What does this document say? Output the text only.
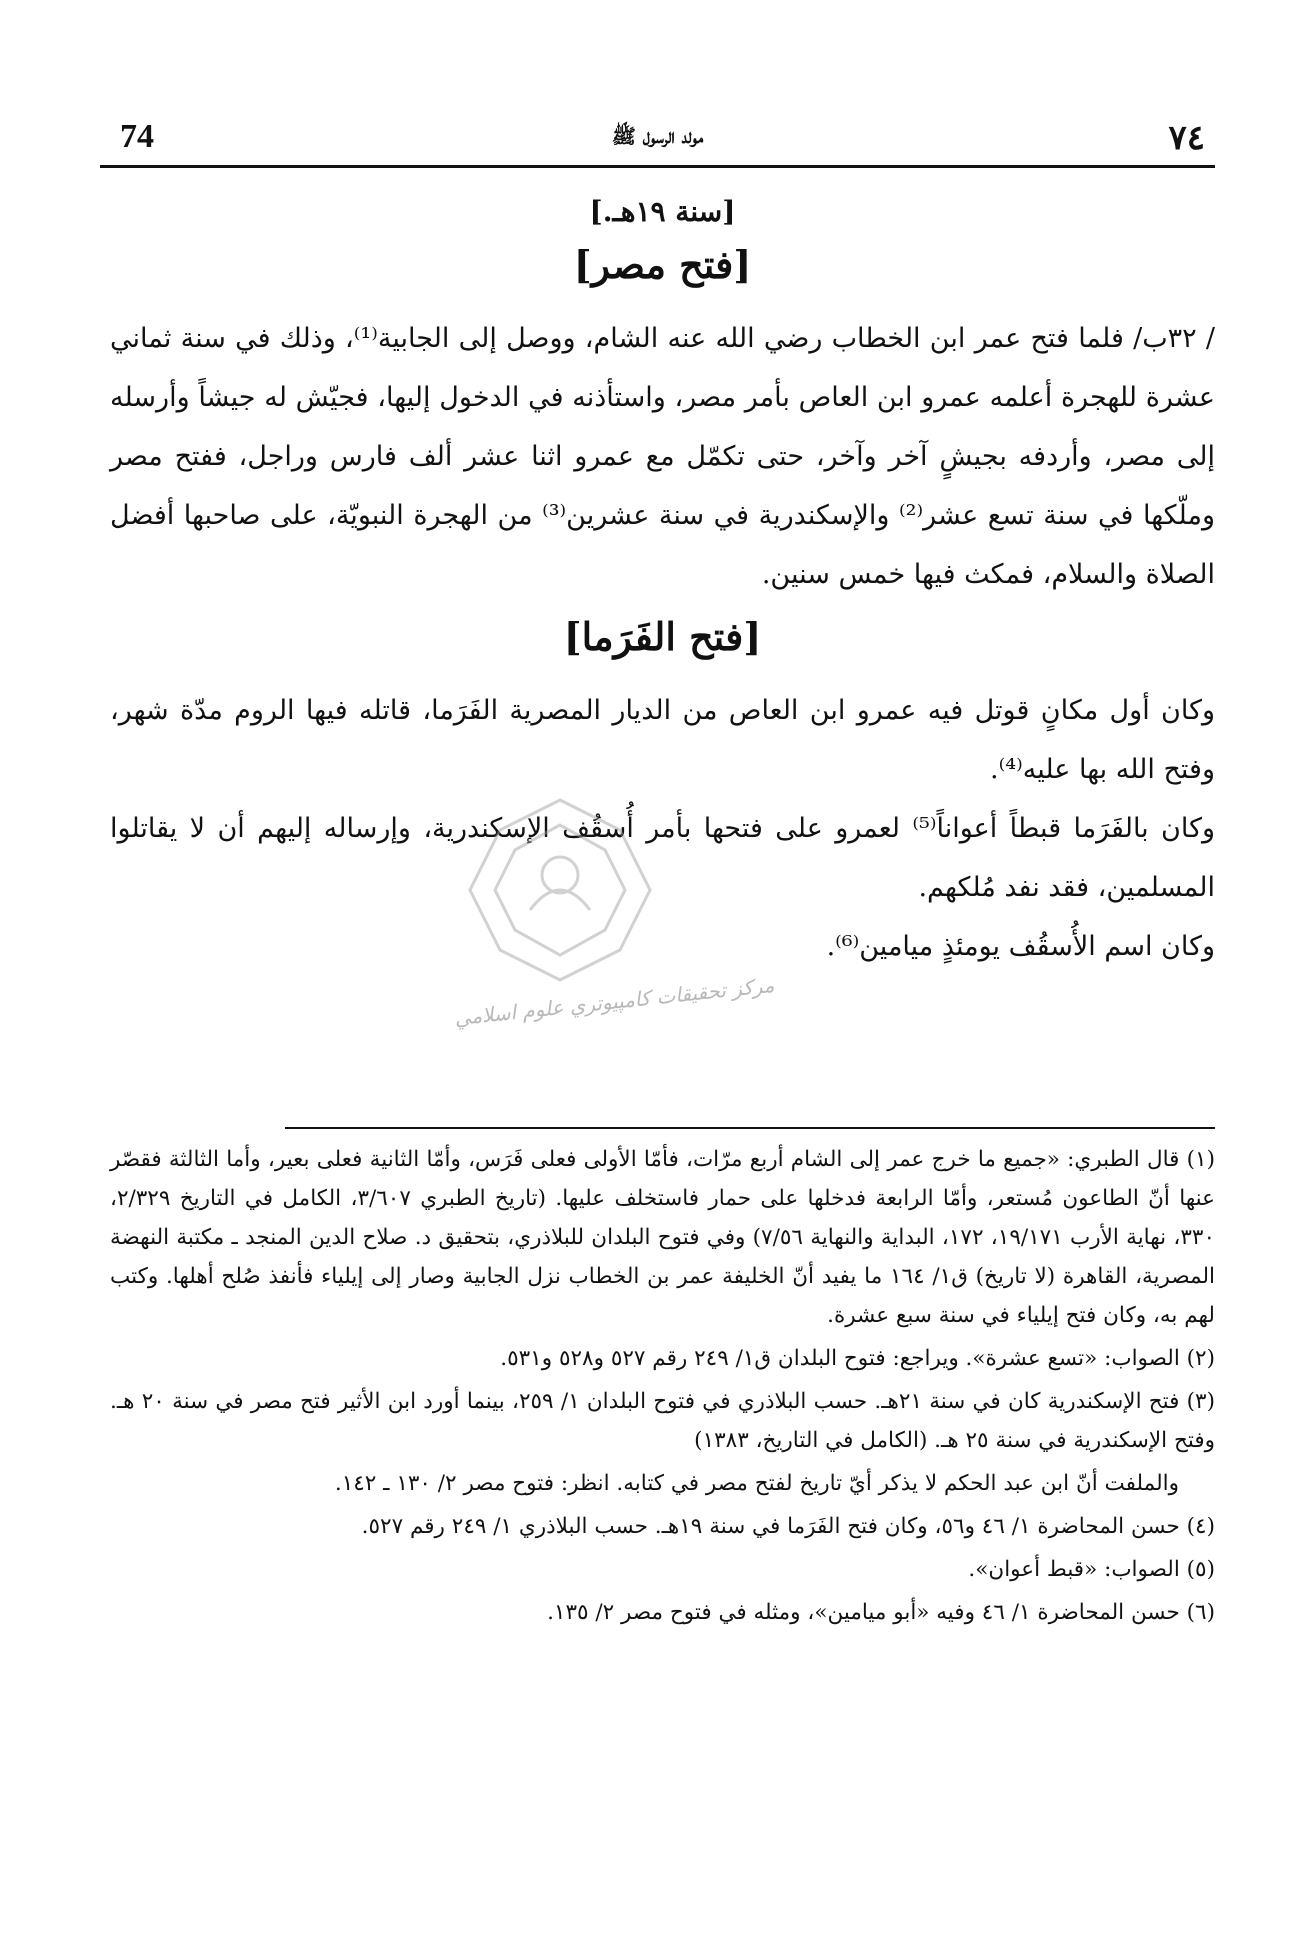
74	مولد الرسول ﷺ	٧٤
[سنة ١٩هـ.]
[فتح مصر]

/ ٣٢ب/ فلما فتح عمر ابن الخطاب رضي الله عنه الشام، ووصل إلى الجابية⁽¹⁾، وذلك في سنة ثماني عشرة للهجرة أعلمه عمرو ابن العاص بأمر مصر، واستأذنه في الدخول إليها، فجيّش له جيشاً وأرسله إلى مصر، وأردفه بجيشٍ آخر وآخر، حتى تكمّل مع عمرو اثنا عشر ألف فارس وراجل، ففتح مصر وملّكها في سنة تسع عشر⁽²⁾ والإسكندرية في سنة عشرين⁽³⁾ من الهجرة النبويّة، على صاحبها أفضل الصلاة والسلام، فمكث فيها خمس سنين.

[فتح الفَرَما]

وكان أول مكانٍ قوتل فيه عمرو ابن العاص من الديار المصرية الفَرَما، قاتله فيها الروم مدّة شهر، وفتح الله بها عليه⁽⁴⁾.

وكان بالفَرَما قبطاً أعواناً⁽⁵⁾ لعمرو على فتحها بأمر أُسقُف الإسكندرية، وإرساله إليهم أن لا يقاتلوا المسلمين، فقد نفد مُلكهم.

وكان اسم الأُسقُف يومئذٍ ميامين⁽⁶⁾.

مركز تحقيقات كامپيوتري علوم اسلامي

(١) قال الطبري: «جميع ما خرج عمر إلى الشام أربع مرّات، فأمّا الأولى فعلى فَرَس، وأمّا الثانية فعلى بعير، وأما الثالثة فقصّر عنها أنّ الطاعون مُستعر، وأمّا الرابعة فدخلها على حمار فاستخلف عليها. (تاريخ الطبري ٣/٦٠٧، الكامل في التاريخ ٢/٣٢٩، ٣٣٠، نهاية الأرب ١٩/١٧١، ١٧٢، البداية والنهاية ٧/٥٦) وفي فتوح البلدان للبلاذري، بتحقيق د. صلاح الدين المنجد ـ مكتبة النهضة المصرية، القاهرة (لا تاريخ) ق١/ ١٦٤ ما يفيد أنّ الخليفة عمر بن الخطاب نزل الجابية وصار إلى إيلياء فأنفذ صُلح أهلها. وكتب لهم به، وكان فتح إيلياء في سنة سبع عشرة.

(٢) الصواب: «تسع عشرة». ويراجع: فتوح البلدان ق١/ ٢٤٩ رقم ٥٢٧ و٥٢٨ و٥٣١.

(٣) فتح الإسكندرية كان في سنة ٢١هـ. حسب البلاذري في فتوح البلدان ١/ ٢٥٩، بينما أورد ابن الأثير فتح مصر في سنة ٢٠ هـ. وفتح الإسكندرية في سنة ٢٥ هـ. (الكامل في التاريخ، ١٣٨٣)

والملفت أنّ ابن عبد الحكم لا يذكر أيّ تاريخ لفتح مصر في كتابه. انظر: فتوح مصر ٢/ ١٣٠ ـ ١٤٢.

(٤) حسن المحاضرة ١/ ٤٦ و٥٦، وكان فتح الفَرَما في سنة ١٩هـ. حسب البلاذري ١/ ٢٤٩ رقم ٥٢٧.

(٥) الصواب: «قبط أعوان».

(٦) حسن المحاضرة ١/ ٤٦ وفيه «أبو ميامين»، ومثله في فتوح مصر ٢/ ١٣٥.
